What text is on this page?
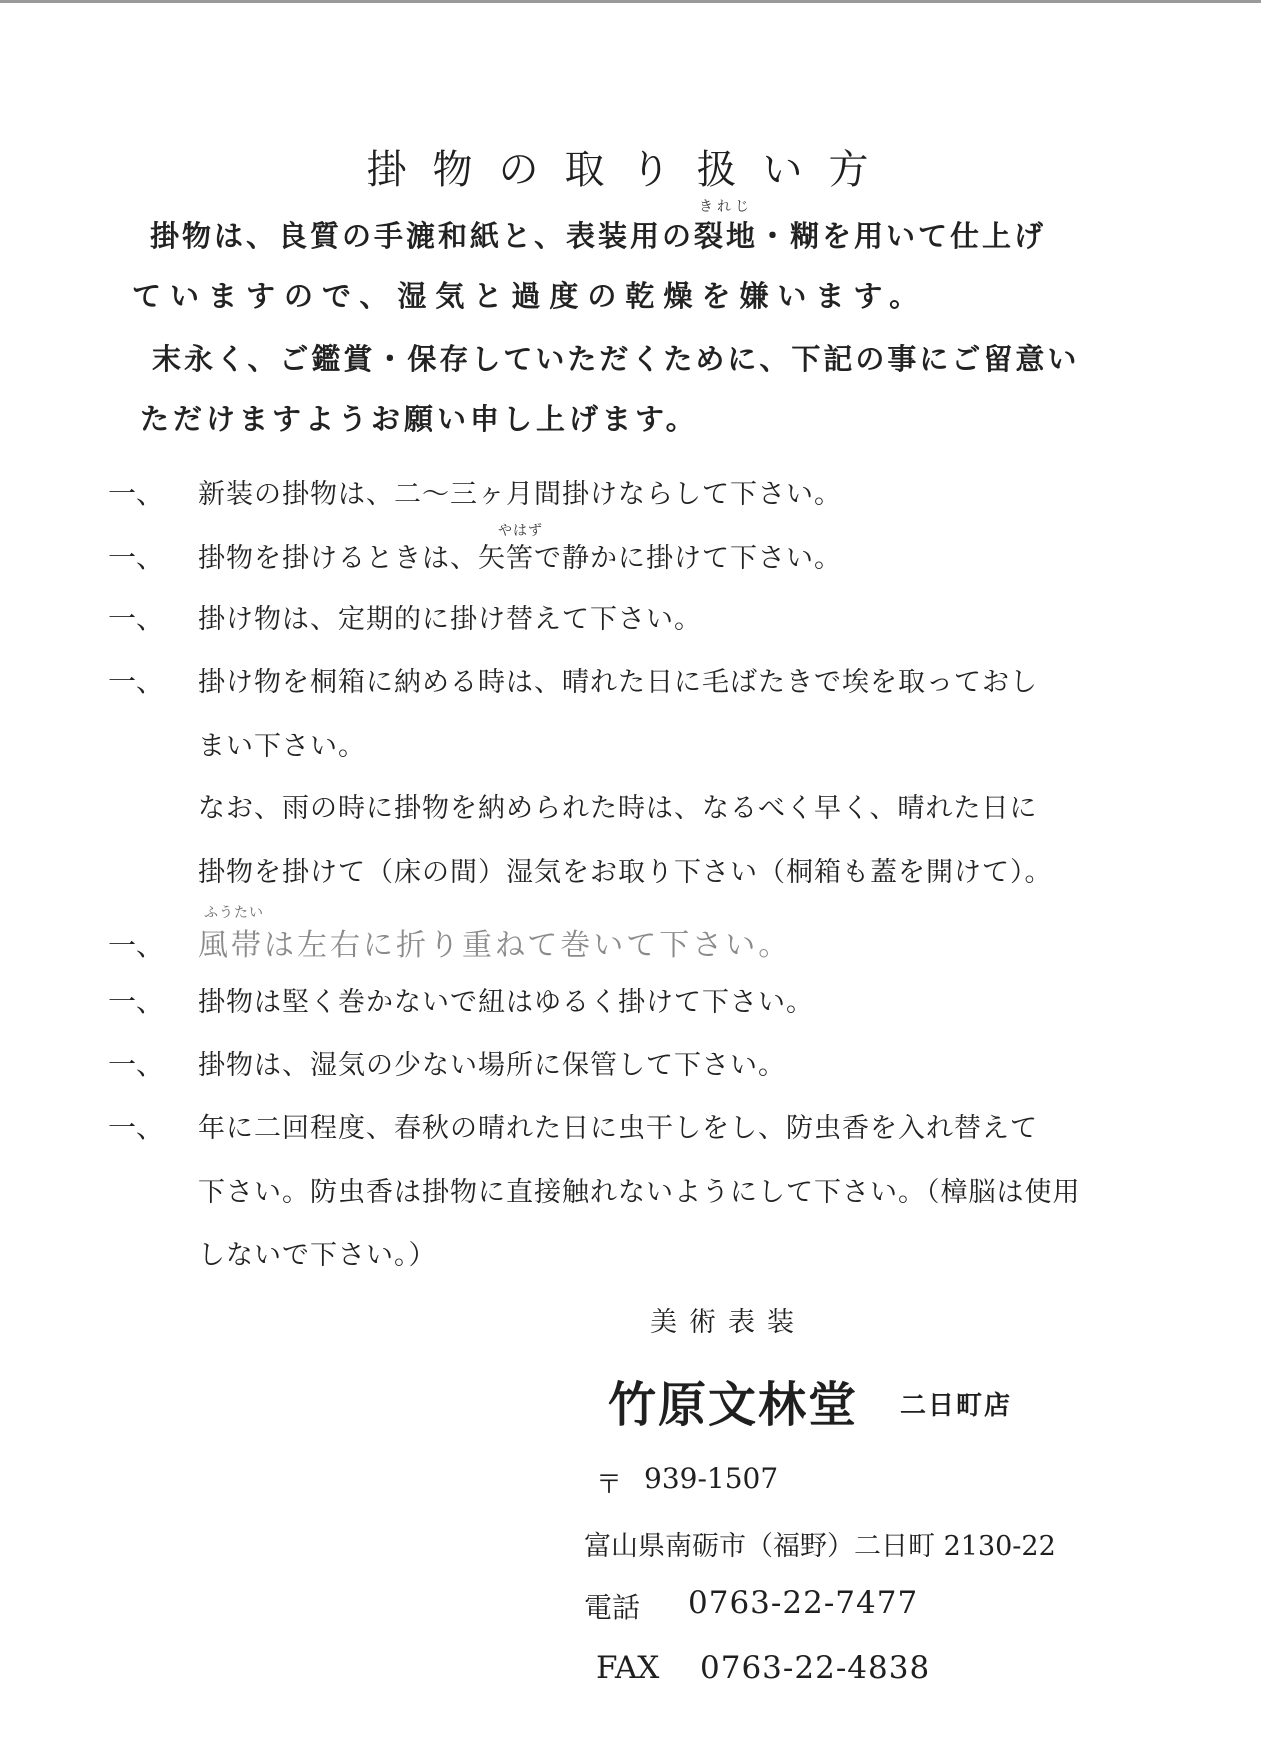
掛物の取り扱い方
きれじ
掛物は、良質の手漉和紙と、表装用の裂地・糊を用いて仕上げ
ていますので、湿気と過度の乾燥を嫌います。
末永く、ご鑑賞・保存していただくために、下記の事にご留意い
ただけますようお願い申し上げます。
一、 新装の掛物は、二～三ヶ月間掛けならして下さい。
やはず
一、 掛物を掛けるときは、矢筈で静かに掛けて下さい。
一、 掛け物は、定期的に掛け替えて下さい。
一、 掛け物を桐箱に納める時は、晴れた日に毛ばたきで埃を取っておし
まい下さい。
なお、雨の時に掛物を納められた時は、なるべく早く、晴れた日に
掛物を掛けて（床の間）湿気をお取り下さい（桐箱も蓋を開けて）。
ふうたい
一、 風帯は左右に折り重ねて巻いて下さい。
一、 掛物は堅く巻かないで紐はゆるく掛けて下さい。
一、 掛物は、湿気の少ない場所に保管して下さい。
一、 年に二回程度、春秋の晴れた日に虫干しをし、防虫香を入れ替えて
下さい。防虫香は掛物に直接触れないようにして下さい。（樟脳は使用
しないで下さい。）
美術表装
竹原文林堂 二日町店
〒 939-1507
富山県南砺市（福野）二日町 2130-22
電話 0763-22-7477
FAX 0763-22-4838
